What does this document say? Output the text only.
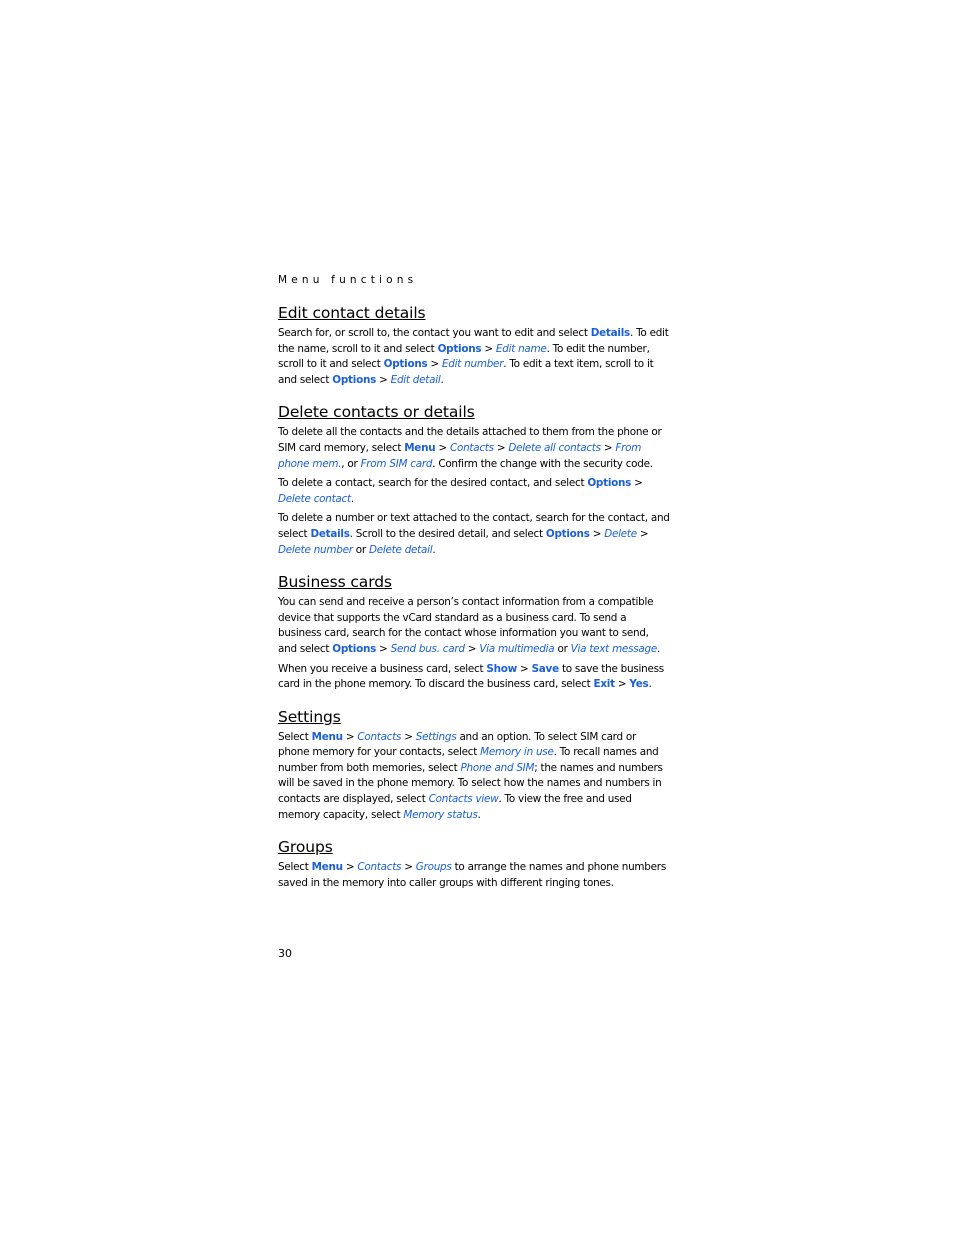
Menu functions
Edit contact details

Search for, or scroll to, the contact you want to edit and select Details. To edit the name, scroll to it and select Options > Edit name. To edit the number, scroll to it and select Options > Edit number. To edit a text item, scroll to it and select Options > Edit detail.

Delete contacts or details

To delete all the contacts and the details attached to them from the phone or SIM card memory, select Menu > Contacts > Delete all contacts > From phone mem., or From SIM card. Confirm the change with the security code.

To delete a contact, search for the desired contact, and select Options > Delete contact.

To delete a number or text attached to the contact, search for the contact, and select Details. Scroll to the desired detail, and select Options > Delete > Delete number or Delete detail.

Business cards

You can send and receive a person’s contact information from a compatible device that supports the vCard standard as a business card. To send a business card, search for the contact whose information you want to send, and select Options > Send bus. card > Via multimedia or Via text message.

When you receive a business card, select Show > Save to save the business card in the phone memory. To discard the business card, select Exit > Yes.

Settings

Select Menu > Contacts > Settings and an option. To select SIM card or phone memory for your contacts, select Memory in use. To recall names and number from both memories, select Phone and SIM; the names and numbers will be saved in the phone memory. To select how the names and numbers in contacts are displayed, select Contacts view. To view the free and used memory capacity, select Memory status.

Groups

Select Menu > Contacts > Groups to arrange the names and phone numbers saved in the memory into caller groups with different ringing tones.

30
